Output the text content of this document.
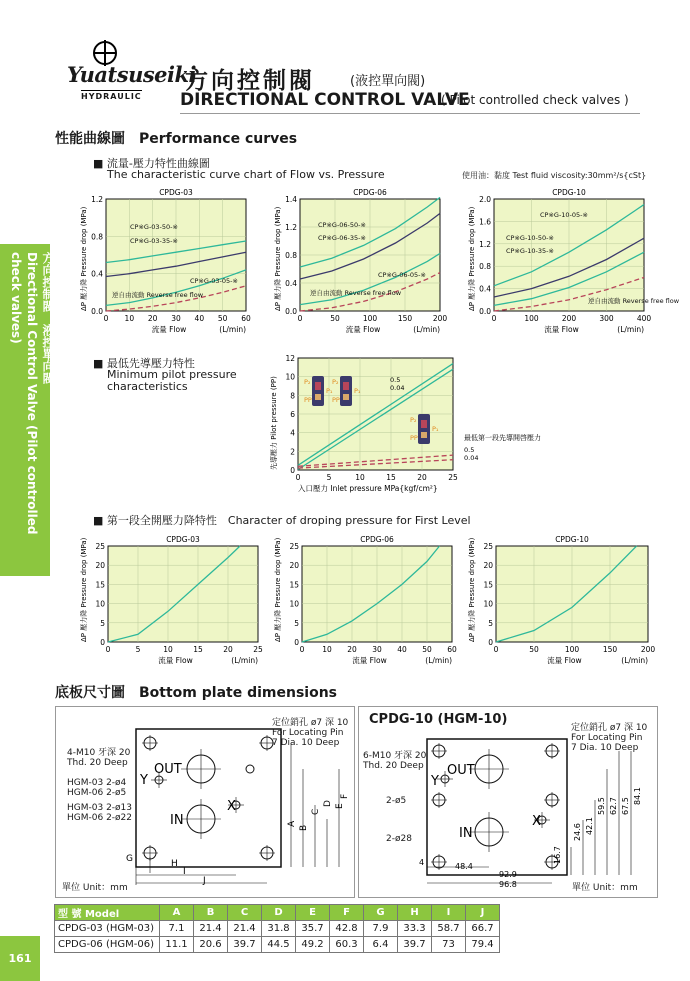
方向控制閥　液控單向閥
Directional Control Valve (Pilot controlled check valves)
161
Yuatsuseiki
HYDRAULIC
方向控制閥	(液控單向閥)
DIRECTIONAL CONTROL VALVE
( Pilot controlled check valves )
性能曲線圖　Performance curves
■ 流量-壓力特性曲線圖
The characteristic curve chart of Flow vs. Pressure	使用油：黏度 Test fluid viscosity:30mm²/s{cSt}
■ 最低先導壓力特性
Minimum pilot pressure
characteristics
■ 第一段全開壓力降特性　Character of droping pressure for First Level
0 10 20 30 40 50 60
0.0
0.4
0.8
1.2
CPDG-03
ΔP 壓力降 Pressure drop (MPa)
流量 Flow	(L/min)
CP※G-03-50-※
CP※G-03-35-※
CP※G-03-05-※
逆自由流動 Reverse free flow
0	50	100	150	200
0.0
0.4
0.8
1.2
1.4
CPDG-06
ΔP 壓力降 Pressure drop (MPa)
流量 Flow	(L/min)
CP※G-06-50-※
CP※G-06-35-※
CP※G-06-05-※
逆自由流動 Reverse free flow
0	100	200	300	400
0.0
0.4
0.8
1.2
1.6
2.0
CPDG-10
ΔP 壓力降 Pressure drop (MPa)
流量 Flow	(L/min)
CP※G-10-05-※
CP※G-10-50-※
CP※G-10-35-※
逆自由流動 Reverse free flow
0	5	10	15	20	25
0
2
4
6
8
10
12
先導壓力 Pilot pressure (PP)
入口壓力 Inlet pressure MPa{kgf/cm²}
0.5
0.04
0.5
0.04
最低第一段先導開啓壓力
P₂
P₁
PP
P₂
P₁
PP
P₂
P₁
PP
0	5	10	15	20	25
0
5
10
15
20
25
CPDG-03
ΔP 壓力降 Pressure drop (MPa)
流量 Flow	(L/min)
0 10 20 30 40 50 60
0
5
10
15
20
25
CPDG-06
ΔP 壓力降 Pressure drop (MPa)
流量 Flow	(L/min)
0	50	100	150	200
0
5
10
15
20
25
CPDG-10
ΔP 壓力降 Pressure drop (MPa)
流量 Flow	(L/min)
底板尺寸圖　Bottom plate dimensions
OUT
Y
X
IN	A
B
C
D E
F
G	H
I
J
定位銷孔 ø7 深 10
For Locating Pin
7 Dia. 10 Deep
4-M10 牙深 20
Thd. 20 Deep
HGM-03 2-ø4
HGM-06 2-ø5
HGM-03 2-ø13
HGM-06 2-ø22
單位 Unit：mm
CPDG-10 (HGM-10)
OUT
Y
X
IN
16.7
24.6 42.1
59.5 62.7 67.5
84.1
4	48.4
92.9
96.8
定位銷孔 ø7 深 10
For Locating Pin
7 Dia. 10 Deep
6-M10 牙深 20
Thd. 20 Deep
2-ø5
2-ø28
單位 Unit：mm
型 號 Model	A	B	C	D	E	F	G	H	I	J
CPDG-03 (HGM-03)	7.1	21.4	21.4	31.8	35.7	42.8	7.9	33.3	58.7	66.7
CPDG-06 (HGM-06)	11.1	20.6	39.7	44.5	49.2	60.3	6.4	39.7	73	79.4
